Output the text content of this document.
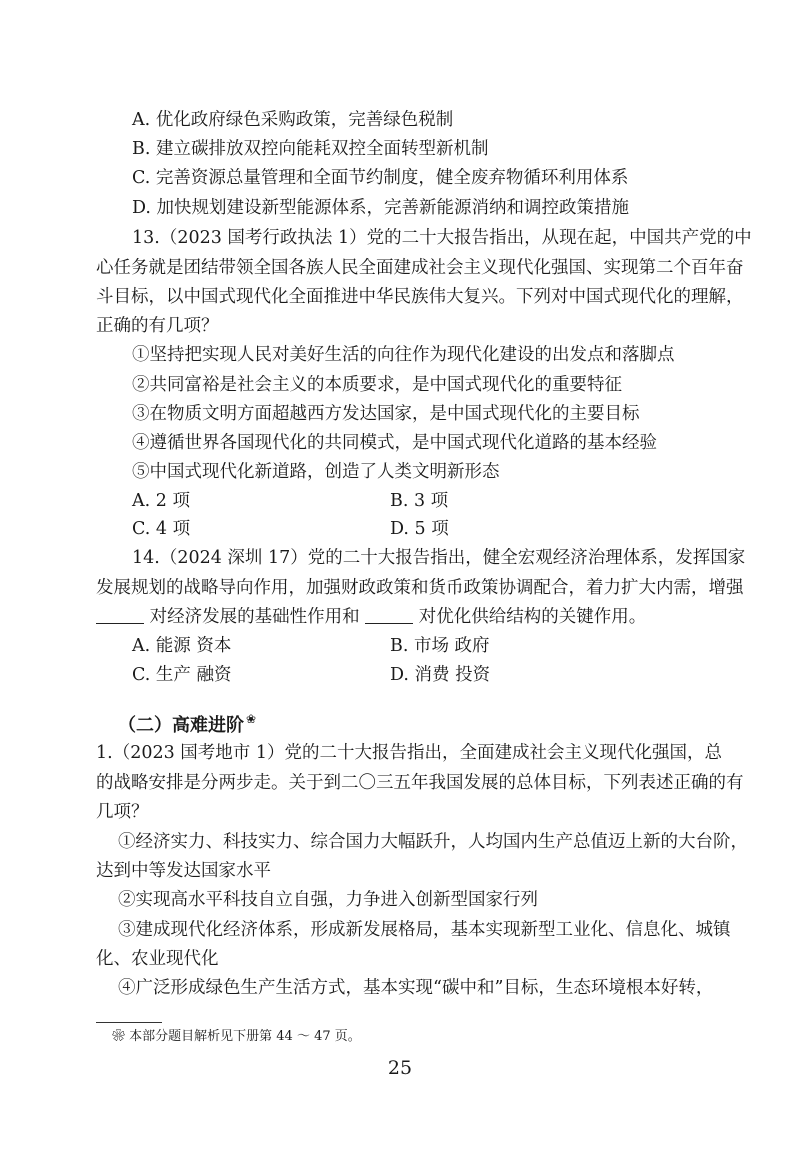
A. 优化政府绿色采购政策，完善绿色税制
B. 建立碳排放双控向能耗双控全面转型新机制
C. 完善资源总量管理和全面节约制度，健全废弃物循环利用体系
D. 加快规划建设新型能源体系，完善新能源消纳和调控政策措施
13.（2023 国考行政执法 1）党的二十大报告指出，从现在起，中国共产党的中
心任务就是团结带领全国各族人民全面建成社会主义现代化强国、实现第二个百年奋
斗目标，以中国式现代化全面推进中华民族伟大复兴。下列对中国式现代化的理解，
正确的有几项？
①坚持把实现人民对美好生活的向往作为现代化建设的出发点和落脚点
②共同富裕是社会主义的本质要求，是中国式现代化的重要特征
③在物质文明方面超越西方发达国家，是中国式现代化的主要目标
④遵循世界各国现代化的共同模式，是中国式现代化道路的基本经验
⑤中国式现代化新道路，创造了人类文明新形态
A. 2 项	B. 3 项
C. 4 项	D. 5 项
14.（2024 深圳 17）党的二十大报告指出，健全宏观经济治理体系，发挥国家
发展规划的战略导向作用，加强财政政策和货币政策协调配合，着力扩大内需，增强
对经济发展的基础性作用和	对优化供给结构的关键作用。
A. 能源 资本	B. 市场 政府
C. 生产 融资	D. 消费 投资
（二）高难进阶 ❀
1.（2023 国考地市 1）党的二十大报告指出，全面建成社会主义现代化强国，总
的战略安排是分两步走。关于到二〇三五年我国发展的总体目标，下列表述正确的有
几项？
①经济实力、科技实力、综合国力大幅跃升，人均国内生产总值迈上新的大台阶，
达到中等发达国家水平
②实现高水平科技自立自强，力争进入创新型国家行列
③建成现代化经济体系，形成新发展格局，基本实现新型工业化、信息化、城镇
化、农业现代化
④广泛形成绿色生产生活方式，基本实现“碳中和”目标，生态环境根本好转，
❀ 本部分题目解析见下册第 44 ～ 47 页。
25
